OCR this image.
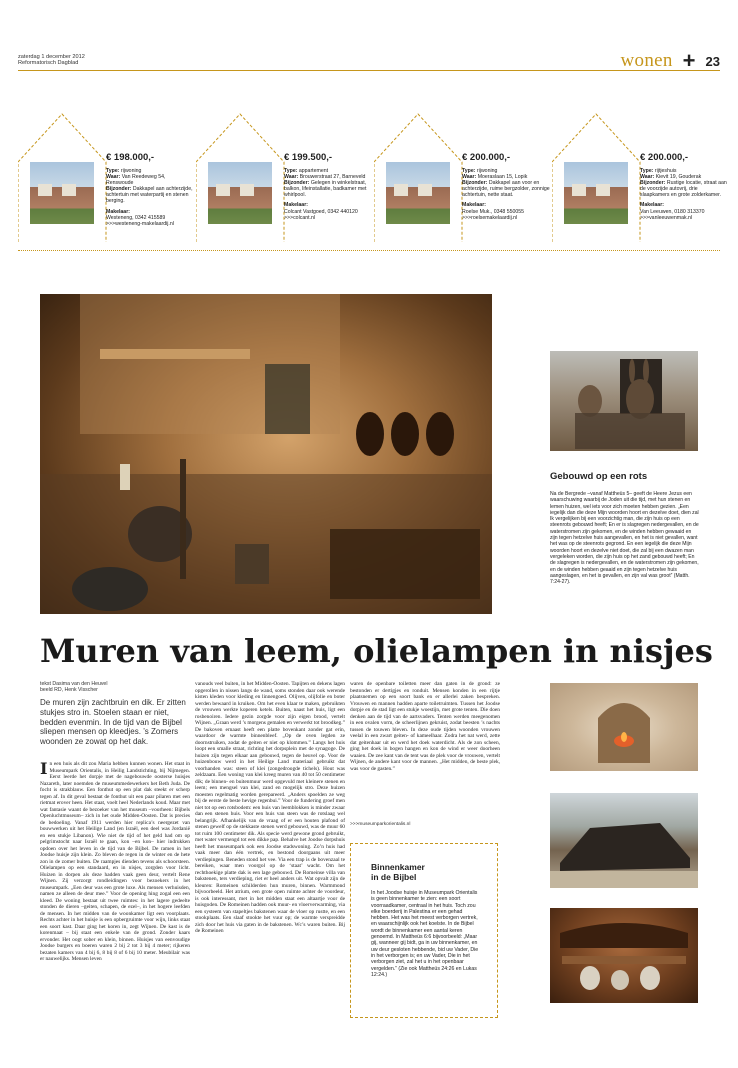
zaterdag 1 december 2012
Reformatorisch Dagblad	wonen + 23
€ 198.000,-
Type: rijwoning
Waar: Van Reedeweg 54, Renswoude
Bijzonder: Dakkapel aan achterzijde, achtertuin met waterpartij en stenen berging.
Makelaar:
Westeneng, 0342 415589
>>>westeneng-makelaardij.nl
€ 199.500,-
Type: appartement
Waar: Brouwerstraat 27, Barneveld
Bijzonder: Gelegen in winkelstraat, balkon, lifeinstallatie, badkamer met whirlpool.
Makelaar:
Colcant Vastgoed, 0342 440120
>>>colcant.nl
€ 200.000,-
Type: rijwoning
Waar: Moeraslaan 15, Lopik
Bijzonder: Dakkapel aan voor en achterzijde, ruime bergzolder, zonnige achtertuin, nette staat.
Makelaar:
Roelse Muk., 0348 550055
>>>roelsemakelaardij.nl
€ 200.000,-
Type: rijtjeshuis
Waar: Kievit 19, Gouderak
Bijzonder: Rustige locatie, straat aan de voorzijde autovrij, drie slaapkamers en grote zolderkamer.
Makelaar:
Van Leeuwen, 0180 313370
>>>vanleeuwenmak.nl
Gebouwd op een rots
Na de Bergrede –vanaf Mattheüs 5– geeft de Heere Jezus een waarschuwing waarbij de Joden uit die tijd, met hun stenen en lemen huizen, wel iets voor zich moeten hebben gezien. „Een iegelijk dan die deze Mijn woorden hoort en dezelve doet, dien zal Ik vergelijken bij een voorzichtig man, die zijn huis op een steenrots gebouwd heeft; En er is slagregen nedergevallen, en de waterstromen zijn gekomen, en de winden hebben gewaaid en zijn tegen hetzelve huis aangevallen, en het is niet gevallen, want het was op de steenrots gegrond. En een iegelijk die deze Mijn woorden hoort en dezelve niet doet, die zal bij een dwazen man vergeleken worden, die zijn huis op het zand gebouwd heeft; En de slagregen is nedergevallen, en de waterstromen zijn gekomen, en de winden hebben geaaid en zijn tegen hetzelve huis aangeslagen, en het is gevallen, en zijn val was groot” (Matth. 7:24-27).
Muren van leem, olielampen in nisjes
tekst Dasima van den Heuvel
beeld RD, Henk Visscher
De muren zijn zachtbruin en dik. Er zitten stukjes stro in. Stoelen staan er niet, bedden evenmin. In de tijd van de Bijbel sliepen mensen op kleedjes. ’s Zomers woonden ze zowat op het dak.
I n een huis als dit zou Maria hebben kunnen wonen. Het staat in Museumpark Orientalis, in Heilig Landstichting, bij Nijmegen. Eerst leerde het dorpje met de nagebouwde oosterse huisjes Nazareth, later noemden de museummedewerkers het Beth Juda. De focht is strakblauw. Een fonthut op een plat dak steekt er scherp tegen af. In dit geval bestaat de fonthut uit een paar pilaren met een rietmat erover heen. Het staat, voelt heel Nederlands koud. Maar met wat fantasie waant de bezoeker van het museum –voorheen: Bijbels Openluchtmuseum– zich in het oude Midden-Oosten. Dat is precies de bedoeling. Vanaf 1911 werden hier replica’s neergezet van bouwwerken uit het Heilige Land (en Israël, een deel was Jordanië en een stukje Libanon). Wie niet de tijd of het geld had om op pelgrimstocht naar Israël te gaan, kon –en kon– hier indrukken opdoen over het leven in de tijd van de Bijbel. De ramen in het Joodse huisje zijn klein. Zo bleven de regen in de winter en de hete zon in de zomer buiten. De raampjes dienden tevens als schoorsteen. Olielampen op een standaard, en in nisjes, zorgden voor licht. Huizen in dorpen als deze hadden vaak geen deur, vertelt Rene Wijnen. Zij verzorgt rondleidingen voor bezoekers in het museumpark. „Een deur was een grote luxe. Als mensen verhuisden, namen ze alleen de deur mee.” Voor de opening hing zogal een een kleed. De woning bestaat uit twee ruimtes: in het lagere gedeelte stonden de dieren –geiten, schapen, de ezel–, in het hogere leefden de mensen. In het midden van de woonkamer ligt een voorplaats. Rechts achter in het huisje is een opbergruimte voor wijn, links staat een soort kast. Daar ging het koren in, zegt Wijnen. De kast is de korenmaat – bij staat een enkele van de grond. Zonder kaars ervonder. Het oogt sober en klein, binnen. Huisjes van eenvoudige Joodse burgers en boeren waren 2 bij 2 tot 3 bij 4 meter; rijkeren bezaten kamers van 4 bij 6, 8 bij 8 of 6 bij 10 meter. Meubilair was er nauwelijks. Mensen leven

vanouds veel buiten, in het Midden-Oosten. Tapijten en dekens lagen opgerollen in nissen langs de wand, soms stonden daar ook werende kisten kleden voor kleding en linnengoed. Olijven, olijfolie en boter werden bewaard in kruiken. Om het even klaar te maken, gebruikten de vrouwen werkte koperen ketels. Buiten, naast het huis, ligt een rosbenoiren. Iedere gezin zorgde voor zijn eigen brood, vertelt Wijnen. „Graan werd ’s morgens gemalen en verwerkt tot broodkeg.” De bakoven ernaast heeft een platte bovenkant zonder gat erin, waardoor de warmte binnenbleef. „Op de oven legden ze doornstruiken, zodat de geiten er niet op klommen.” Langs het huis loopt een smalle straat, richting het dorpsplein met de synagoge. De huizen zijn tegen elkaar aan gebouwd, tegen de heuvel op. Voor de huizenbouw werd in het Heilige Land materiaal gebruikt dat voorhanden was: steen of klei (zongedroogde tichels). Hout was zeldzaam. Een woning van klei kreeg muren van 40 tot 50 centimeter dik; de binnen- en buitenmuur werd opgevuld met kleinere stenen en leem; een mengsel van klei, zand en mogelijk stro. Deze huizen moesten regelmatig worden gerepareerd. „Anders spoelden ze weg bij de eerste de beste hevige regenbui.” Voor de fundering groef men niet tot op een rotsbodem: een huis van leemblokken is minder zwaar dan een stenen huis. Voor een huis van steen was de rotslaag wel belangrijk. Afhankelijk van de vraag of er een houten plafond of stenen gewelf op de stekkaste stenen werd gebouwd, was de muur 60 tot ruim 100 centimeter dik. Als specie werd gewone grond gebruikt, met water vermengd tot een dikke pap. Behalve het Joodse dorpshuis heeft het museumpark ook een Joodse stadswoning. Zo’n huis had vaak meer dan één vertrek, en bestond doorgaans uit meer verdiepingen. Beneden stond het vee. Via een trap is de bovenzaal te bereiken, waar men voorgol op de ‘staat’ wacht. Om het rechthoekige platte dak is een lage gebouwd. De Romeinse villa van bakstenen, ters verdieping, riet er heel anders uit. Wat opvalt zijn de kleuren: Romeinen schilderden hun muren, binnen. Warmmond bijvoorbeeld. Het atrium, een grote open ruimte achter de voordeur, is ook interessant, met in het midden staat een altaartje voor de huisgoden. De Romeinen hadden ook muur- en vloerverwarming, via een systeem van stapeltjes bakstenen waar de vloer op rustte, en een stookplaats. Een slaaf stookte het vuur op; de warmte verspreidde zich door het huis via gaten in de bakstenen. Wc’s waren buiten. Bij de Romeinen

waren de openbare toiletten meer dan gaten in de grond: ze bestonden er dertigjes en ronduit. Mensen konden in een rijtje plaatsnemen op een soort bank en er allerlei zaken bespreken. Vrouwen en mannen hadden aparte toiletruimten. Tussen het Joodse dorpje en de stad ligt een stukje woestijn, met grote tenten. Die doen denken aan de tijd van de aartsvaders. Tenten werden meegenomen in een ovalen vorm, de scheerlijnen gekruist, zodat beesten ’s nachts tussen de touwen bleven. In deze oude tijden woonden vrouwen veelal in een zwart geiten- of kameelhaar. Zodra het nat werd, zette dat geitenhaar uit en werd het doek waterdicht. Als de zon scheen, ging het doek in bogen hangen en kon de wind er weer doorheen waaien. De zee kant van de tent was de plek voor de vrouwen, vertelt Wijnen, de andere kant voor de mannen. „Het midden, de beste plek, was voor de gasten.”

>>>museumparkorientalis.nl
Binnenkamer
in de Bijbel
In het Joodse huisje in Museumpark Orientalis is geen binnenkamer te zien: een soort voorraadkamer, centraal in het huis. Toch zou elke boerderij in Palestina er een gehad hebben. Het was het meest verborgen vertrek, en waarschijnlijk ook het koelste. In de Bijbel wordt de binnenkamer een aantal keren genoemd. In Mattheüs 6:6 bijvoorbeeld: „Maar gij, wanneer gij bidt, ga in uw binnenkamer, en uw deur gesloten hebbende, bid uw Vader, Die in het verborgen is; en uw Vader, Die in het verborgen ziet, zal het u in het openbaar vergelden.” (Zie ook Mattheüs 24:26 en Lukas 12:24.)
